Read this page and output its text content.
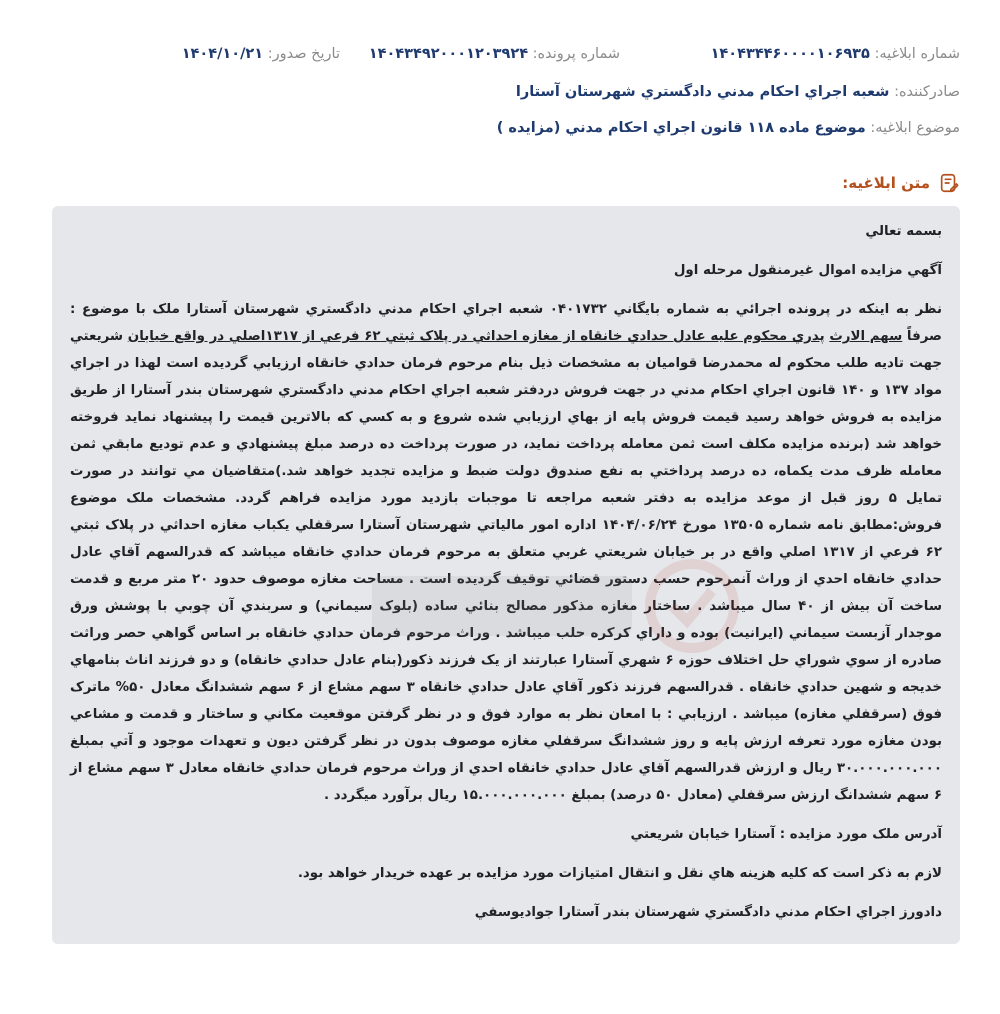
شماره ابلاغيه: ۱۴۰۴۳۴۴۶۰۰۰۰۱۰۶۹۳۵
شماره پرونده: ۱۴۰۴۳۴۹۲۰۰۰۱۲۰۳۹۲۴
تاريخ صدور: ۱۴۰۴/۱۰/۲۱
صادرکننده: شعبه اجراي احکام مدني دادگستري شهرستان آستارا
موضوع ابلاغيه: موضوع ماده ۱۱۸ قانون اجراي احکام مدني (مزايده )
متن ابلاغيه:

بسمه تعالي

آگهي مزايده اموال غيرمنقول مرحله اول

نظر به اينکه در پرونده اجرائي به شماره بايگاني ۰۴۰۱۷۳۲ شعبه اجراي احکام مدني دادگستري شهرستان آستارا ملک با موضوع : صرفاً سهم الارث پدري محکوم عليه عادل حدادي خانقاه از مغازه احداثي در پلاک ثبتي ۶۲ فرعي از ۱۳۱۷اصلي در واقع خيابان شريعتي جهت تاديه طلب محکوم له محمدرضا قواميان به مشخصات ذيل بنام مرحوم فرمان حدادي خانقاه ارزيابي گرديده است لهذا در اجراي مواد ۱۳۷ و ۱۴۰ قانون اجراي احکام مدني در جهت فروش دردفتر شعبه اجراي احکام مدني دادگستري شهرستان بندر آستارا از طريق مزايده به فروش خواهد رسيد قيمت فروش پايه از بهاي ارزيابي شده شروع و به کسي که بالاترين قيمت را پيشنهاد نمايد فروخته خواهد شد (برنده مزايده مکلف است ثمن معامله پرداخت نمايد، در صورت پرداخت ده درصد مبلغ پيشنهادي و عدم توديع مابقي ثمن معامله ظرف مدت يکماه، ده درصد پرداختي به نفع صندوق دولت ضبط و مزايده تجديد خواهد شد.)متقاضيان مي توانند در صورت تمايل ۵ روز قبل از موعد مزايده به دفتر شعبه مراجعه تا موجبات بازديد مورد مزايده فراهم گردد. مشخصات ملک موضوع فروش:مطابق نامه شماره ۱۳۵۰۵ مورخ ۱۴۰۴/۰۶/۲۴ اداره امور مالياتي شهرستان آستارا سرقفلي يکباب مغازه احداثي در پلاک ثبتي ۶۲ فرعي از ۱۳۱۷ اصلي واقع در بر خيابان شريعتي غربي متعلق به مرحوم فرمان حدادي خانقاه ميباشد که قدرالسهم آقاي عادل حدادي خانقاه احدي از وراث آنمرحوم حسب دستور قضائي توقيف گرديده است . مساحت مغازه موصوف حدود ۲۰ متر مربع و قدمت ساخت آن بيش از ۴۰ سال ميباشد . ساختار مغازه مذکور مصالح بنائي ساده (بلوک سيماني) و سربندي آن چوبي با پوشش ورق موجدار آزبست سيماني (ايرانيت) بوده و داراي کرکره حلب ميباشد . وراث مرحوم فرمان حدادي خانقاه بر اساس گواهي حصر وراثت صادره از سوي شوراي حل اختلاف حوزه ۶ شهري آستارا عبارتند از يک فرزند ذکور(بنام عادل حدادي خانقاه) و دو فرزند اناث بنامهاي خديجه و شهين حدادي خانقاه . قدرالسهم فرزند ذکور آقاي عادل حدادي خانقاه ۳ سهم مشاع از ۶ سهم ششدانگ معادل ۵۰% ماترک فوق (سرقفلي مغازه) ميباشد . ارزيابي : با امعان نظر به موارد فوق و در نظر گرفتن موقعيت مکاني و ساختار و قدمت و مشاعي بودن مغازه مورد تعرفه ارزش پايه و روز ششدانگ سرقفلي مغازه موصوف بدون در نظر گرفتن ديون و تعهدات موجود و آتي بمبلغ ۳۰.۰۰۰.۰۰۰.۰۰۰ ريال و ارزش قدرالسهم آقاي عادل حدادي خانقاه احدي از وراث مرحوم فرمان حدادي خانقاه معادل ۳ سهم مشاع از ۶ سهم ششدانگ ارزش سرقفلي (معادل ۵۰ درصد) بمبلغ ۱۵.۰۰۰.۰۰۰.۰۰۰ ريال برآورد ميگردد .

آدرس ملک مورد مزايده : آستارا خيابان شريعتي

لازم به ذکر است که کليه هزينه هاي نقل و انتقال امتيازات مورد مزايده بر عهده خريدار خواهد بود.

دادورز اجراي احکام مدني دادگستري شهرستان بندر آستارا جواديوسفي
